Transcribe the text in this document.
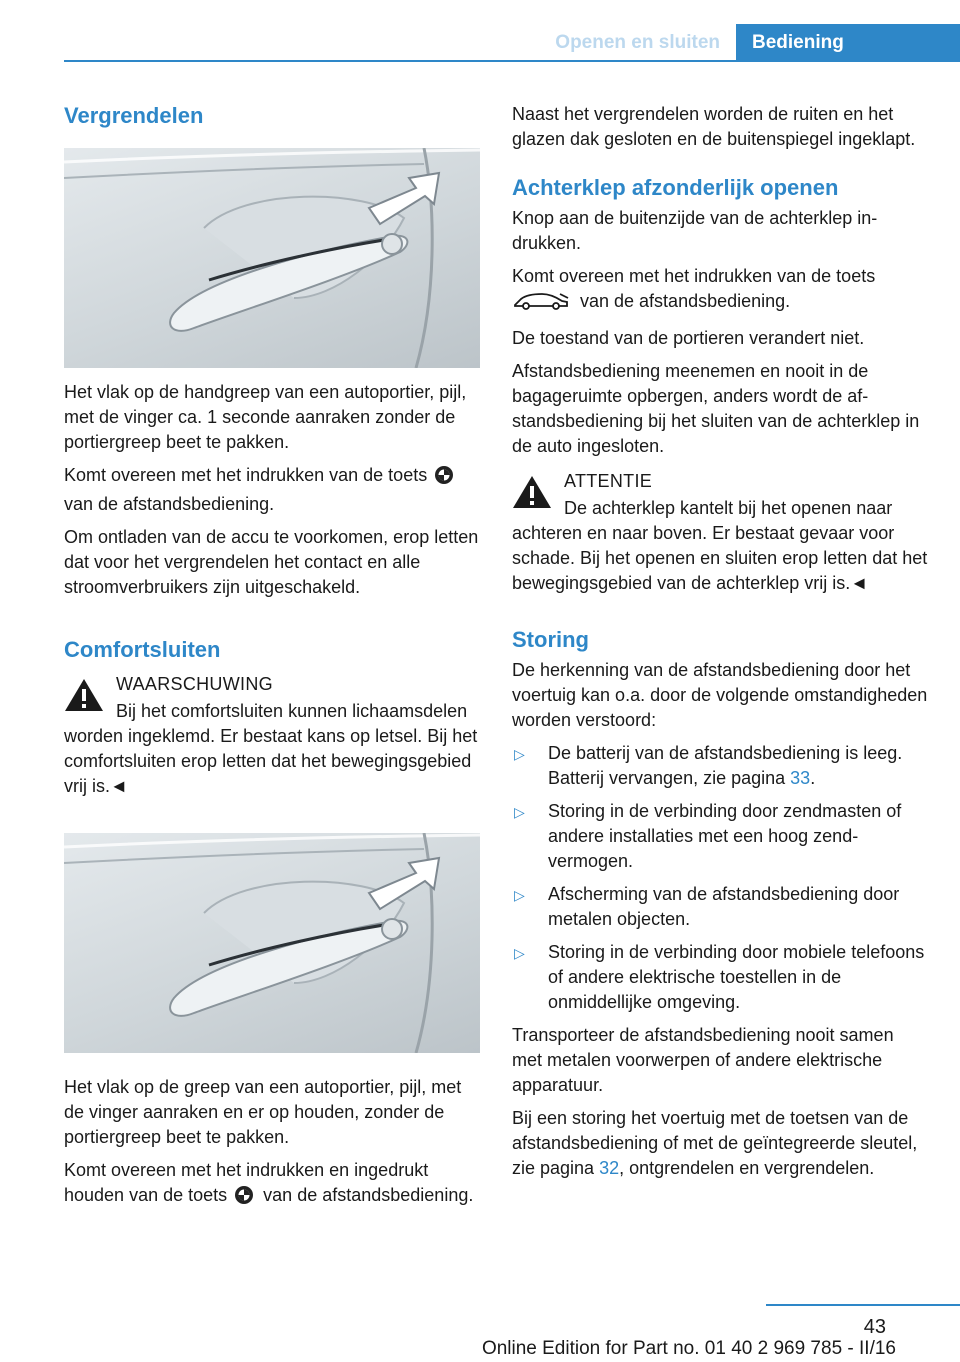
Openen en sluiten	Bediening
Vergrendelen

Het vlak op de handgreep van een autoportier, pijl, met de vinger ca. 1 seconde aanraken zonder de portiergreep beet te pakken.

Komt overeen met het indrukken van de toets  van de afstandsbediening.

Om ontladen van de accu te voorkomen, erop letten dat voor het vergrendelen het contact en alle stroomverbruikers zijn uitgeschakeld.

Comfortsluiten
WAARSCHUWING

Bij het comfortsluiten kunnen lichaamsdelen worden ingeklemd. Er bestaat kans op letsel. Bij het comfortsluiten erop letten dat het bewegingsgebied vrij is.◄

Het vlak op de greep van een autoportier, pijl, met de vinger aanraken en er op houden, zonder de portiergreep beet te pakken.

Komt overeen met het indrukken en ingedrukt houden van de toets van de afstandsbediening.

Naast het vergrendelen worden de ruiten en het glazen dak gesloten en de buitenspiegel ingeklapt.

Achterklep afzonderlijk openen

Knop aan de buitenzijde van de achterklep indrukken.

Komt overeen met het indrukken van de toets
van de afstandsbediening.

De toestand van de portieren verandert niet.

Afstandsbediening meenemen en nooit in de bagageruimte opbergen, anders wordt de afstandsbediening bij het sluiten van de achterklep in de auto ingesloten.

ATTENTIE

De achterklep kantelt bij het openen naar achteren en naar boven. Er bestaat gevaar voor schade. Bij het openen en sluiten erop letten dat het bewegingsgebied van de achterklep vrij is.◄

Storing

De herkenning van de afstandsbediening door het voertuig kan o.a. door de volgende omstandigheden worden verstoord:

▷ De batterij van de afstandsbediening is leeg. Batterij vervangen, zie pagina 33.
▷ Storing in de verbinding door zendmasten of andere installaties met een hoog zendvermogen.
▷ Afscherming van de afstandsbediening door metalen objecten.
▷ Storing in de verbinding door mobiele telefoons of andere elektrische toestellen in de onmiddellijke omgeving.

Transporteer de afstandsbediening nooit samen met metalen voorwerpen of andere elektrische apparatuur.

Bij een storing het voertuig met de toetsen van de afstandsbediening of met de geïntegreerde sleutel, zie pagina 32, ontgrendelen en vergrendelen.

43
Online Edition for Part no. 01 40 2 969 785 - II/16
